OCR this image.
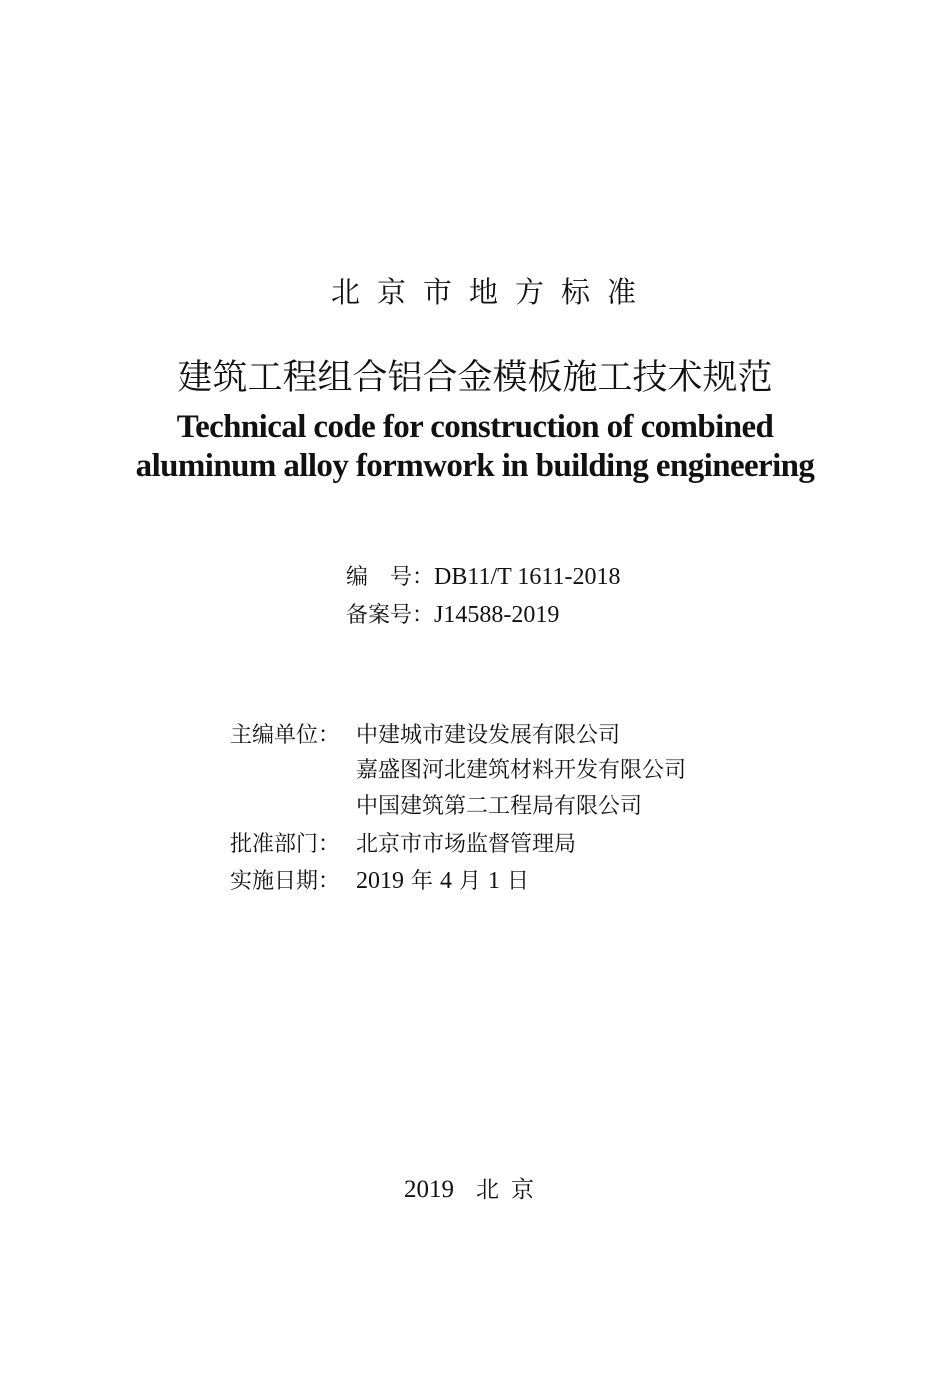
北京市地方标准
建筑工程组合铝合金模板施工技术规范
Technical code for construction of combined
aluminum alloy formwork in building engineering
编　号：DB11/T 1611-2018
备案号：J14588-2019
主编单位： 中建城市建设发展有限公司
嘉盛图河北建筑材料开发有限公司
中国建筑第二工程局有限公司
批准部门： 北京市市场监督管理局
实施日期： 2019 年 4 月 1 日
2019 北京
